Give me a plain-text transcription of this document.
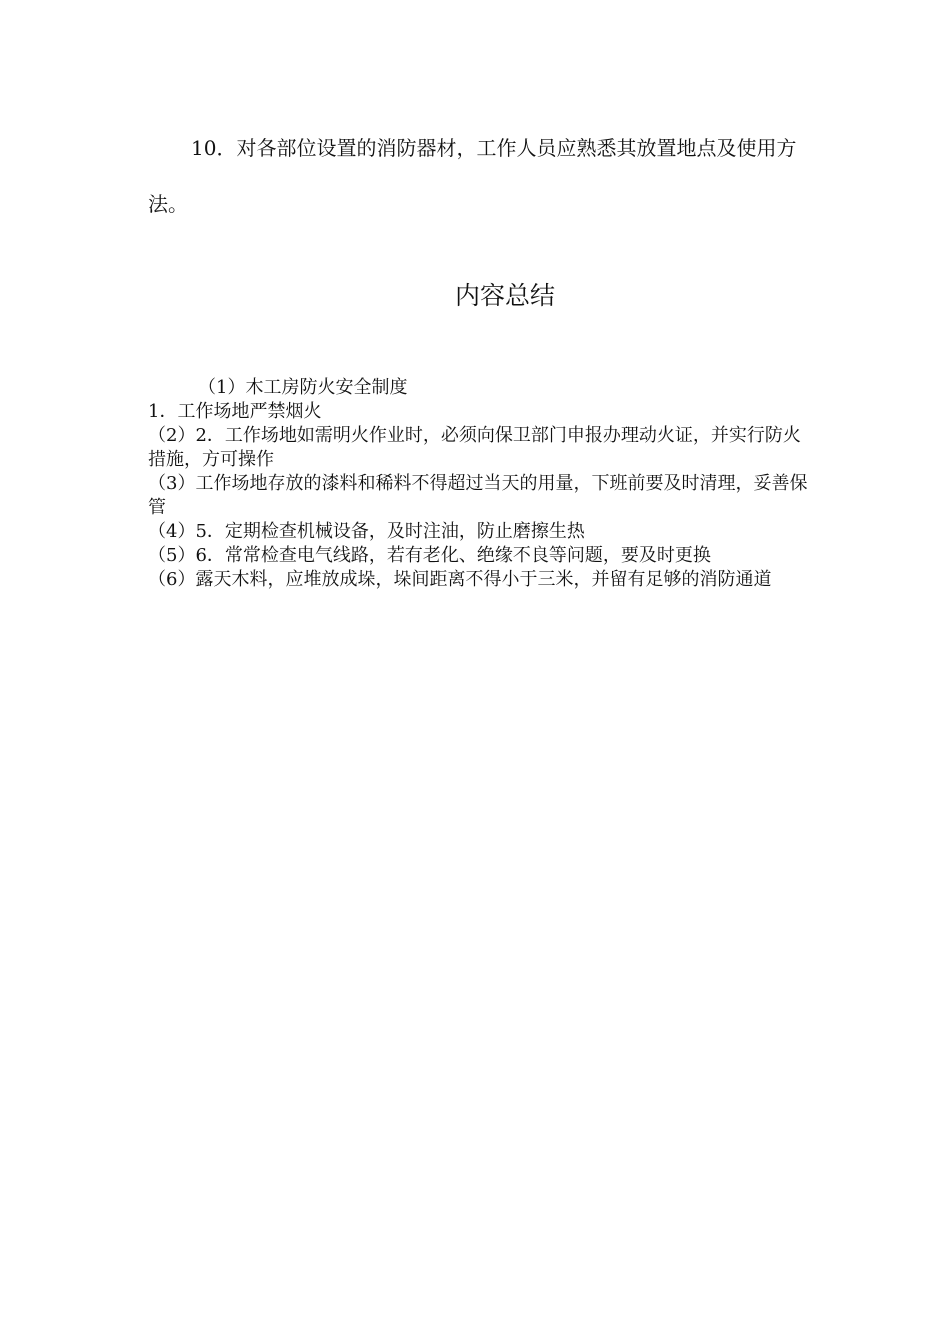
10．对各部位设置的消防器材，工作人员应熟悉其放置地点及使用方法。

内容总结
（1）木工房防火安全制度
1．工作场地严禁烟火
（2）2．工作场地如需明火作业时，必须向保卫部门申报办理动火证，并实行防火措施，方可操作
（3）工作场地存放的漆料和稀料不得超过当天的用量，下班前要及时清理，妥善保管
（4）5．定期检查机械设备，及时注油，防止磨擦生热
（5）6．常常检查电气线路，若有老化、绝缘不良等问题，要及时更换
（6）露天木料，应堆放成垛，垛间距离不得小于三米，并留有足够的消防通道
